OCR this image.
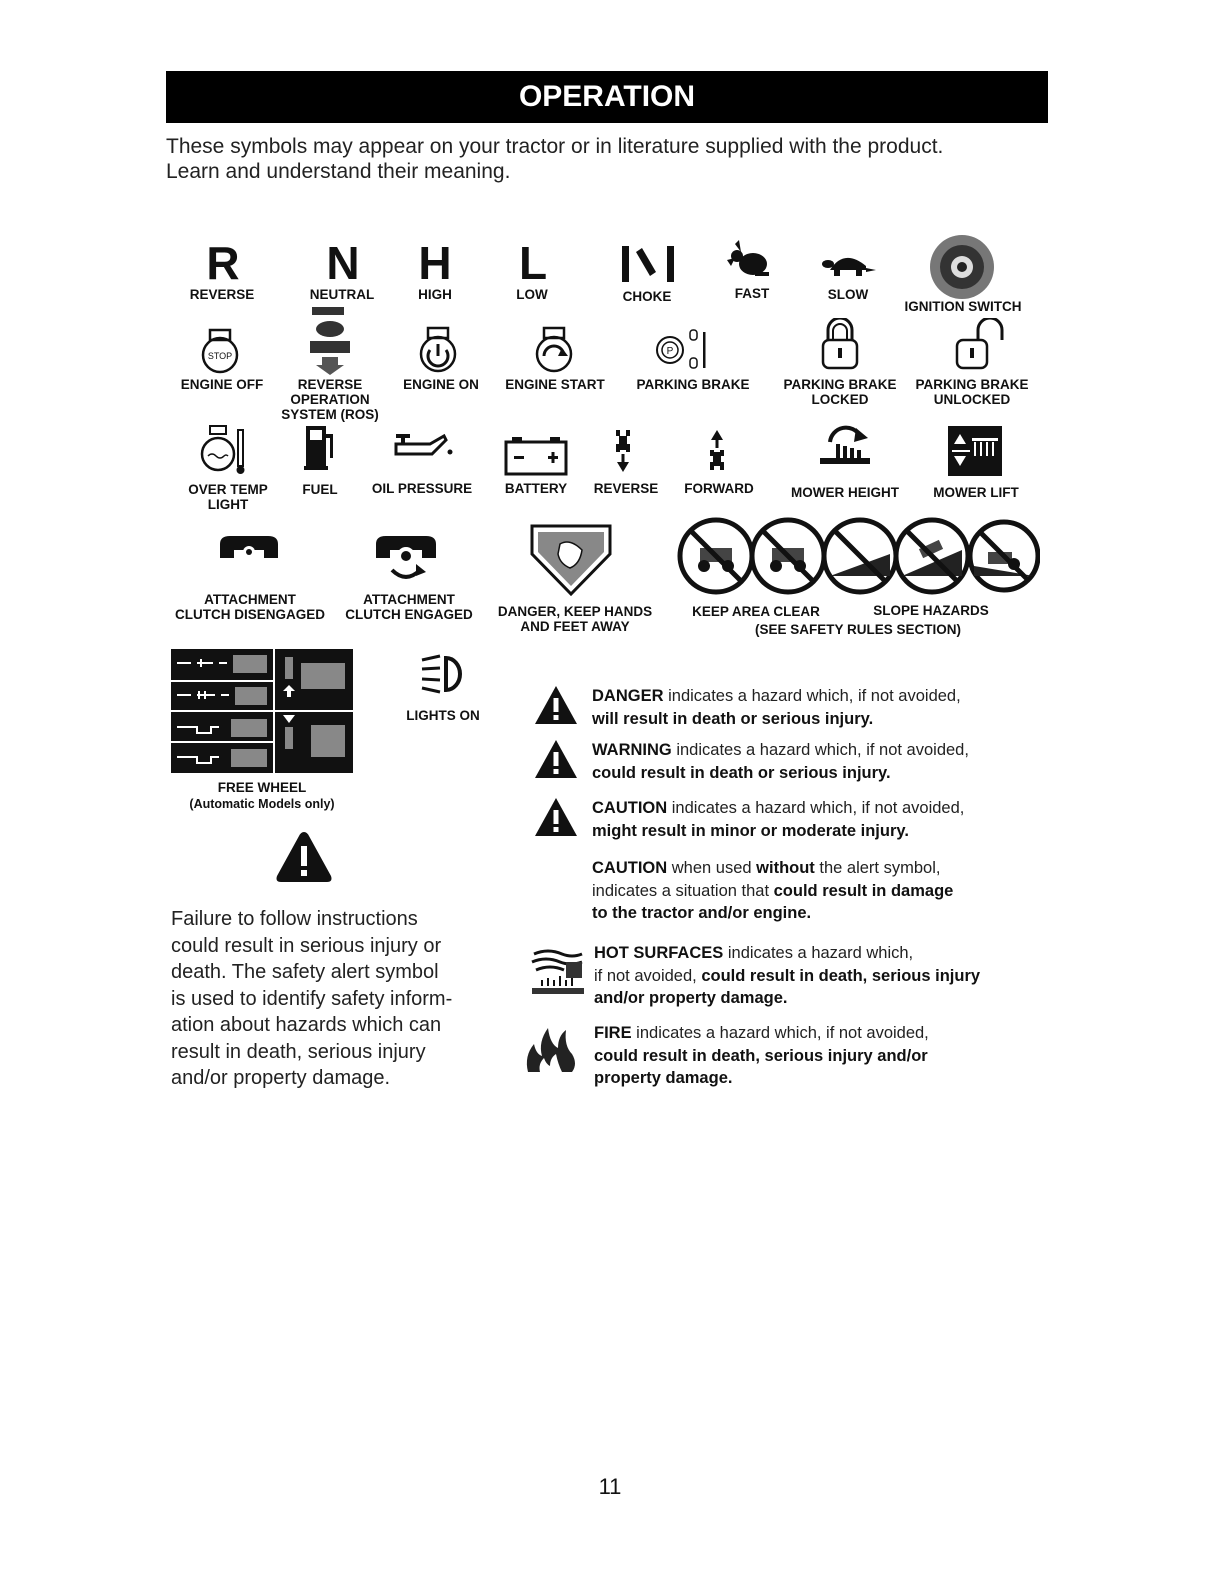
OPERATION
These symbols may appear on your tractor or in literature supplied with the product.
Learn and understand their meaning.
R
REVERSE
N
NEUTRAL
H
HIGH
L
LOW	CHOKE	FAST	SLOW
IGNITION SWITCH
STOP
ENGINE OFF	REVERSE
OPERATION
SYSTEM (ROS)
ENGINE ON	ENGINE START
P
PARKING BRAKE	PARKING BRAKE
LOCKED
PARKING BRAKE
UNLOCKED
OVER TEMP
LIGHT
FUEL	OIL PRESSURE	BATTERY	REVERSE	FORWARD	MOWER HEIGHT	MOWER LIFT
ATTACHMENT
CLUTCH DISENGAGED
ATTACHMENT
CLUTCH ENGAGED	DANGER, KEEP HANDS
AND FEET AWAY
KEEP AREA CLEAR	SLOPE HAZARDS
(SEE SAFETY RULES SECTION)
FREE WHEEL
(Automatic Models only)
LIGHTS ON
Failure to follow instructions
could result in serious injury or
death. The safety alert symbol
is used to identify safety inform-
ation about hazards which can
result in death, serious injury
and/or property damage.
DANGER indicates a hazard which, if not avoided,
will result in death or serious injury.
WARNING indicates a hazard which, if not avoided,
could result in death or serious injury.
CAUTION indicates a hazard which, if not avoided,
might result in minor or moderate injury.
CAUTION when used without the alert symbol,
indicates a situation that could result in damage
to the tractor and/or engine.
HOT SURFACES indicates a hazard which,
if not avoided, could result in death, serious injury
and/or property damage.
FIRE indicates a hazard which, if not avoided,
could result in death, serious injury and/or
property damage.
11
